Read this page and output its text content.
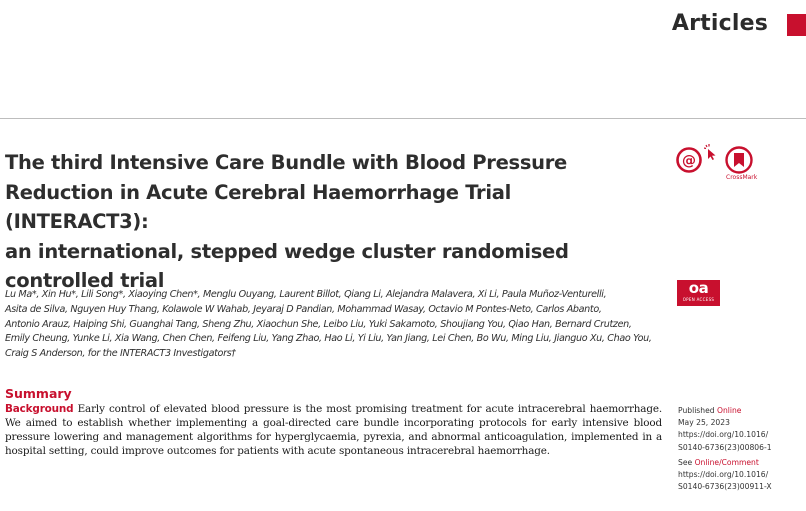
Articles
The third Intensive Care Bundle with Blood Pressure
Reduction in Acute Cerebral Haemorrhage Trial (INTERACT3):
an international, stepped wedge cluster randomised
controlled trial
@
CrossMark
oa
OPEN ACCESS
Lu Ma*, Xin Hu*, Lili Song*, Xiaoying Chen*, Menglu Ouyang, Laurent Billot, Qiang Li, Alejandra Malavera, Xi Li, Paula Muñoz-Venturelli,
Asita de Silva, Nguyen Huy Thang, Kolawole W Wahab, Jeyaraj D Pandian, Mohammad Wasay, Octavio M Pontes-Neto, Carlos Abanto,
Antonio Arauz, Haiping Shi, Guanghai Tang, Sheng Zhu, Xiaochun She, Leibo Liu, Yuki Sakamoto, Shoujiang You, Qiao Han, Bernard Crutzen,
Emily Cheung, Yunke Li, Xia Wang, Chen Chen, Feifeng Liu, Yang Zhao, Hao Li, Yi Liu, Yan Jiang, Lei Chen, Bo Wu, Ming Liu, Jianguo Xu, Chao You,
Craig S Anderson, for the INTERACT3 Investigators†
Summary
Background Early control of elevated blood pressure is the most promising treatment for acute intracerebral haemorrhage. We aimed to establish whether implementing a goal-directed care bundle incorporating protocols for early intensive blood pressure lowering and management algorithms for hyperglycaemia, pyrexia, and abnormal anticoagulation, implemented in a hospital setting, could improve outcomes for patients with acute spontaneous intracerebral haemorrhage.
Published Online
May 25, 2023
https://doi.org/10.1016/
S0140-6736(23)00806-1
See Online/Comment
https://doi.org/10.1016/
S0140-6736(23)00911-X
